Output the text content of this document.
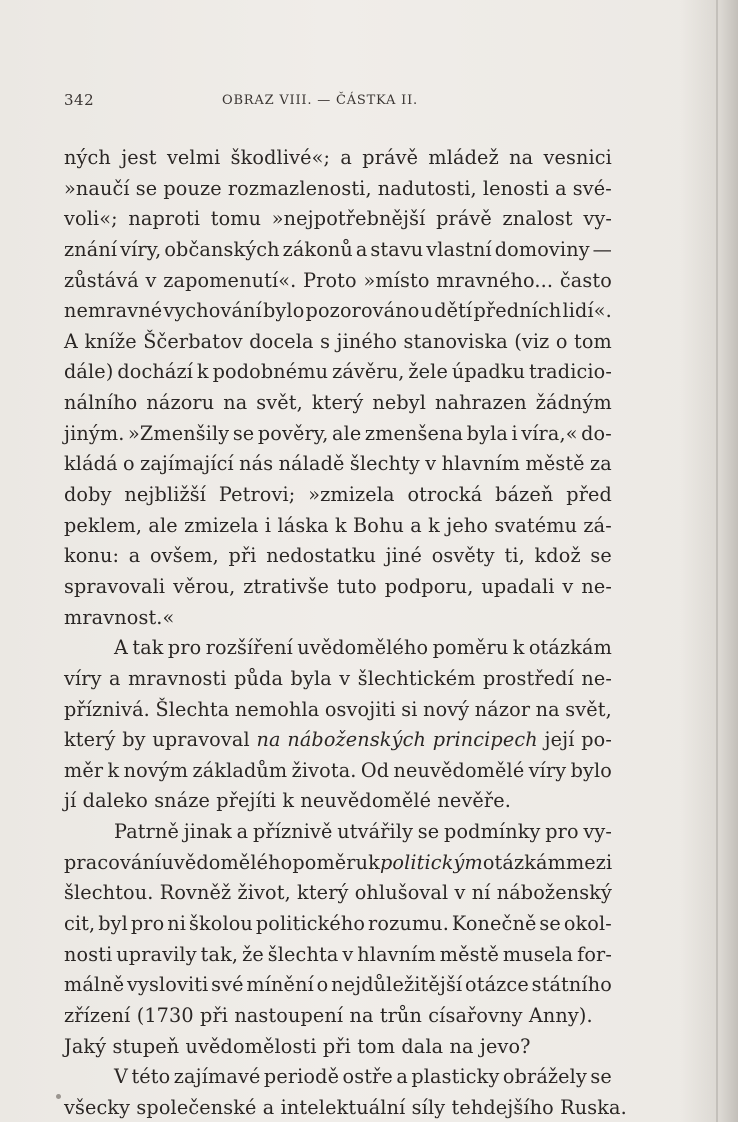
342	OBRAZ VIII. — ČÁSTKA II.
ných jest velmi škodlivé«; a právě mládež na vesnici
»naučí se pouze rozmazlenosti, nadutosti, lenosti a své-
voli«; naproti tomu »nejpotřebnější právě znalost vy-
znání víry, občanských zákonů a stavu vlastní domoviny —
zůstává v zapomenutí«. Proto »místo mravného... často
nemravné vychování bylo pozorováno u dětí předních lidí«.
A kníže Ščerbatov docela s jiného stanoviska (viz o tom
dále) dochází k podobnému závěru, žele úpadku tradicio-
nálního názoru na svět, který nebyl nahrazen žádným
jiným. »Zmenšily se pověry, ale zmenšena byla i víra,« do-
kládá o zajímající nás náladě šlechty v hlavním městě za
doby nejbližší Petrovi; »zmizela otrocká bázeň před
peklem, ale zmizela i láska k Bohu a k jeho svatému zá-
konu: a ovšem, při nedostatku jiné osvěty ti, kdož se
spravovali věrou, ztrativše tuto podporu, upadali v ne-
mravnost.«
A tak pro rozšíření uvědomělého poměru k otázkám
víry a mravnosti půda byla v šlechtickém prostředí ne-
příznivá. Šlechta nemohla osvojiti si nový názor na svět,
který by upravoval na náboženských principech její po-
měr k novým základům života. Od neuvědomělé víry bylo
jí daleko snáze přejíti k neuvědomělé nevěře.
Patrně jinak a příznivě utvářily se podmínky pro vy-
pracování uvědomělého poměru k politickým otázkám mezi
šlechtou. Rovněž život, který ohlušoval v ní náboženský
cit, byl pro ni školou politického rozumu. Konečně se okol-
nosti upravily tak, že šlechta v hlavním městě musela for-
málně vysloviti své mínění o nejdůležitější otázce státního
zřízení (1730 při nastoupení na trůn císařovny Anny).
Jaký stupeň uvědomělosti při tom dala na jevo?
V této zajímavé periodě ostře a plasticky obrážely se
všecky společenské a intelektuální síly tehdejšího Ruska.
